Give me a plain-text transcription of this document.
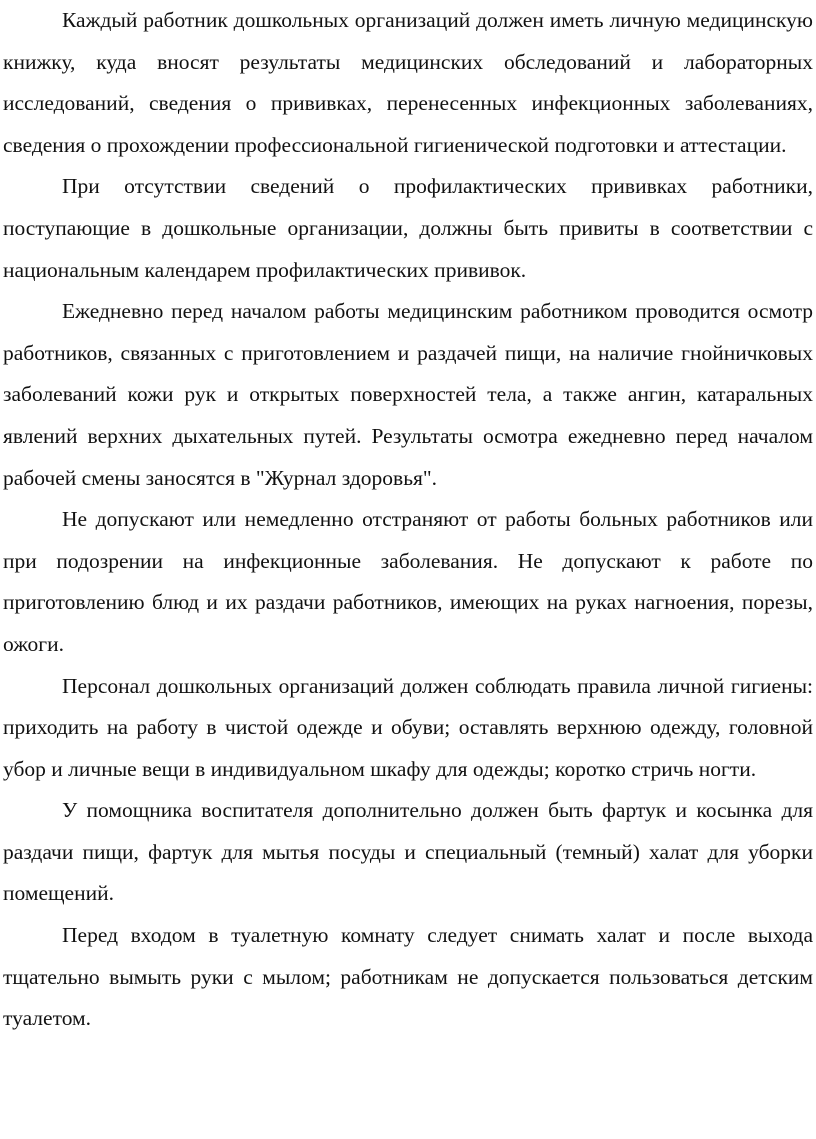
Каждый работник дошкольных организаций должен иметь личную медицинскую книжку, куда вносят результаты медицинских обследований и лабораторных исследований, сведения о прививках, перенесенных инфекционных заболеваниях, сведения о прохождении профессиональной гигиенической подготовки и аттестации.

При отсутствии сведений о профилактических прививках работники, поступающие в дошкольные организации, должны быть привиты в соответствии с национальным календарем профилактических прививок.

Ежедневно перед началом работы медицинским работником проводится осмотр работников, связанных с приготовлением и раздачей пищи, на наличие гнойничковых заболеваний кожи рук и открытых поверхностей тела, а также ангин, катаральных явлений верхних дыхательных путей. Результаты осмотра ежедневно перед началом рабочей смены заносятся в "Журнал здоровья".

Не допускают или немедленно отстраняют от работы больных работников или при подозрении на инфекционные заболевания. Не допускают к работе по приготовлению блюд и их раздачи работников, имеющих на руках нагноения, порезы, ожоги.

Персонал дошкольных организаций должен соблюдать правила личной гигиены: приходить на работу в чистой одежде и обуви; оставлять верхнюю одежду, головной убор и личные вещи в индивидуальном шкафу для одежды; коротко стричь ногти.

У помощника воспитателя дополнительно должен быть фартук и косынка для раздачи пищи, фартук для мытья посуды и специальный (темный) халат для уборки помещений.

Перед входом в туалетную комнату следует снимать халат и после выхода тщательно вымыть руки с мылом; работникам не допускается пользоваться детским туалетом.
